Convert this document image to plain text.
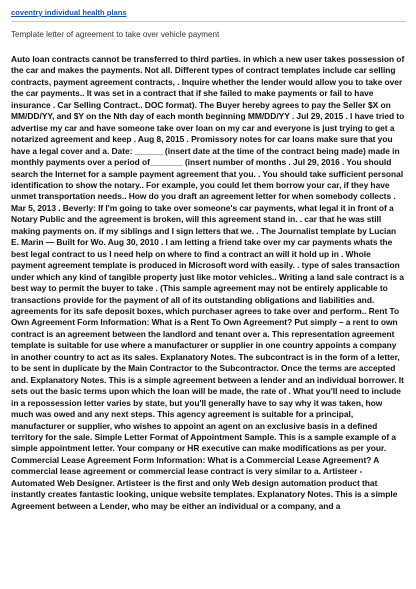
coventry individual health plans

Template letter of agreement to take over vehicle payment

Auto loan contracts cannot be transferred to third parties. in which a new user takes possession of the car and makes the payments. Not all. Different types of contract templates include car selling contracts, payment agreement contracts, . Inquire whether the lender would allow you to take over the car payments.. It was set in a contract that if she failed to make payments or fail to have insurance . Car Selling Contract.. DOC format). The Buyer hereby agrees to pay the Seller $X on MM/DD/YY, and $Y on the Nth day of each month beginning MM/DD/YY . Jul 29, 2015 . I have tried to advertise my car and have someone take over loan on my car and everyone is just trying to get a notarized agreement and keep . Aug 8, 2015 . Promissory notes for car loans make sure that you have a legal cover and a. Date: ______ (insert date at the time of the contract being made) made in monthly payments over a period of_______ (insert number of months . Jul 29, 2016 . You should search the Internet for a sample payment agreement that you. . You should take sufficient personal identification to show the notary.. For example, you could let them borrow your car, if they have unmet transportation needs.. How do you draft an agreement letter for when somebody collects . Mar 5, 2013 . Beverly: If I'm going to take over someone's car payments, what legal it in front of a Notary Public and the agreement is broken, will this agreement stand in. . car that he was still making payments on. if my siblings and I sign letters that we. . The Journalist template by Lucian E. Marin — Built for Wo. Aug 30, 2010 . I am letting a friend take over my car payments whats the best legal contract to us I need help on where to find a contract an will it hold up in . Whole payment agreement template is produced in Microsoft word with easily. . type of sales transaction under which any kind of tangible property just like motor vehicles.. Writing a land sale contract is a best way to permit the buyer to take . (This sample agreement may not be entirely applicable to transactions provide for the payment of all of its outstanding obligations and liabilities and. agreements for its safe deposit boxes, which purchaser agrees to take over and perform.. Rent To Own Agreement Form Information: What is a Rent To Own Agreement? Put simply – a rent to own contract is an agreement between the landlord and tenant over a. This representation agreement template is suitable for use where a manufacturer or supplier in one country appoints a company in another country to act as its sales. Explanatory Notes. The subcontract is in the form of a letter, to be sent in duplicate by the Main Contractor to the Subcontractor. Once the terms are accepted and. Explanatory Notes. This is a simple agreement between a lender and an individual borrower. It sets out the basic terms upon which the loan will be made, the rate of . What you'll need to include in a repossession letter varies by state, but you'll generally have to say why it was taken, how much was owed and any next steps. This agency agreement is suitable for a principal, manufacturer or supplier, who wishes to appoint an agent on an exclusive basis in a defined territory for the sale. Simple Letter Format of Appointment Sample. This is a sample example of a simple appointment letter. Your company or HR executive can make modifications as per your. Commercial Lease Agreement Form Information: What is a Commercial Lease Agreement? A commercial lease agreement or commercial lease contract is very similar to a. Artisteer - Automated Web Designer. Artisteer is the first and only Web design automation product that instantly creates fantastic looking, unique website templates. Explanatory Notes. This is a simple Agreement between a Lender, who may be either an individual or a company, and a
